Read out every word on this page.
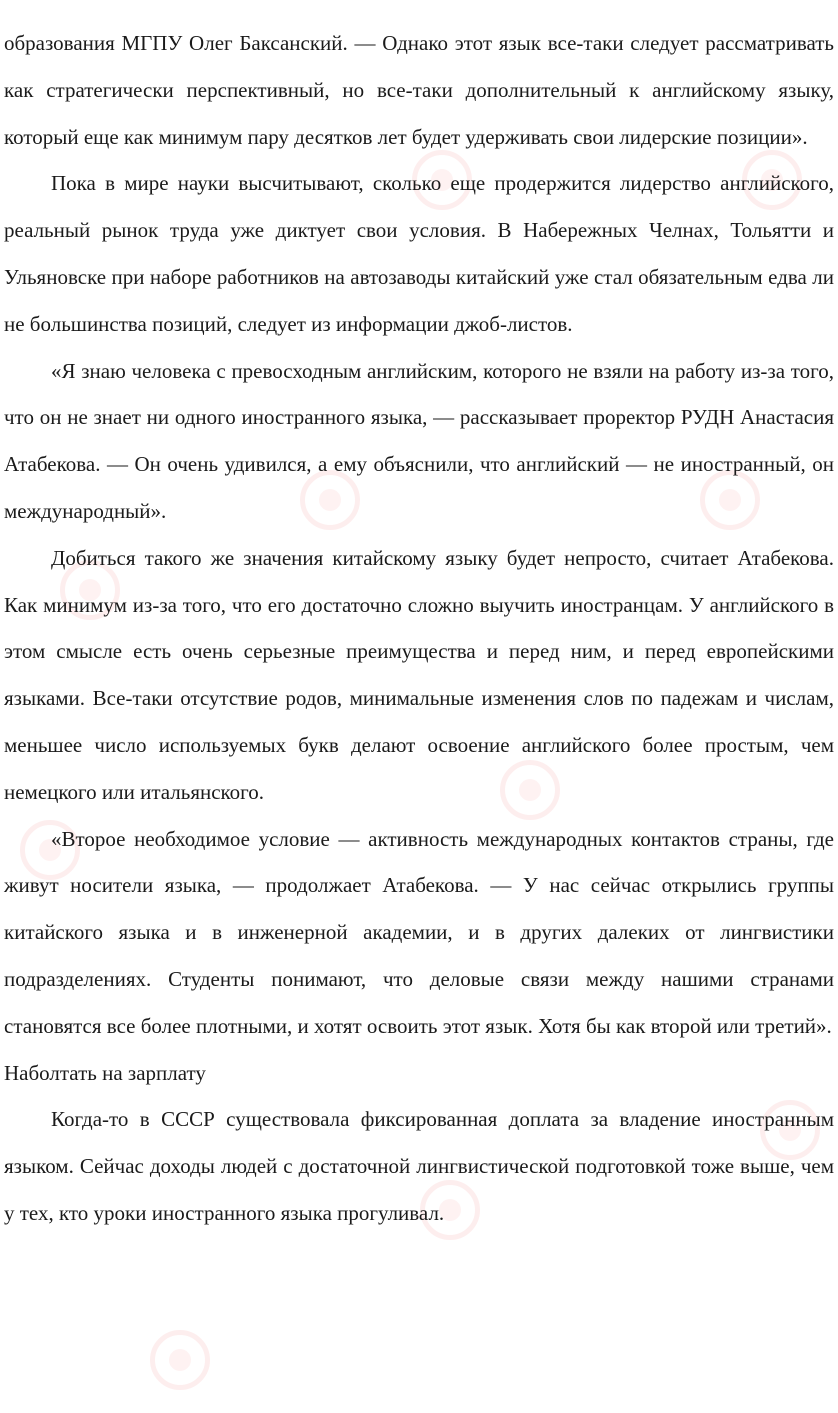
образования МГПУ Олег Баксанский. — Однако этот язык все-таки следует рассматривать как стратегически перспективный, но все-таки дополнительный к английскому языку, который еще как минимум пару десятков лет будет удерживать свои лидерские позиции».

Пока в мире науки высчитывают, сколько еще продержится лидерство английского, реальный рынок труда уже диктует свои условия. В Набережных Челнах, Тольятти и Ульяновске при наборе работников на автозаводы китайский уже стал обязательным едва ли не большинства позиций, следует из информации джоб-листов.

«Я знаю человека с превосходным английским, которого не взяли на работу из-за того, что он не знает ни одного иностранного языка, — рассказывает проректор РУДН Анастасия Атабекова. — Он очень удивился, а ему объяснили, что английский — не иностранный, он международный».

Добиться такого же значения китайскому языку будет непросто, считает Атабекова. Как минимум из-за того, что его достаточно сложно выучить иностранцам. У английского в этом смысле есть очень серьезные преимущества и перед ним, и перед европейскими языками. Все-таки отсутствие родов, минимальные изменения слов по падежам и числам, меньшее число используемых букв делают освоение английского более простым, чем немецкого или итальянского.

«Второе необходимое условие — активность международных контактов страны, где живут носители языка, — продолжает Атабекова. — У нас сейчас открылись группы китайского языка и в инженерной академии, и в других далеких от лингвистики подразделениях. Студенты понимают, что деловые связи между нашими странами становятся все более плотными, и хотят освоить этот язык. Хотя бы как второй или третий».

Наболтать на зарплату

Когда-то в СССР существовала фиксированная доплата за владение иностранным языком. Сейчас доходы людей с достаточной лингвистической подготовкой тоже выше, чем у тех, кто уроки иностранного языка прогуливал.
